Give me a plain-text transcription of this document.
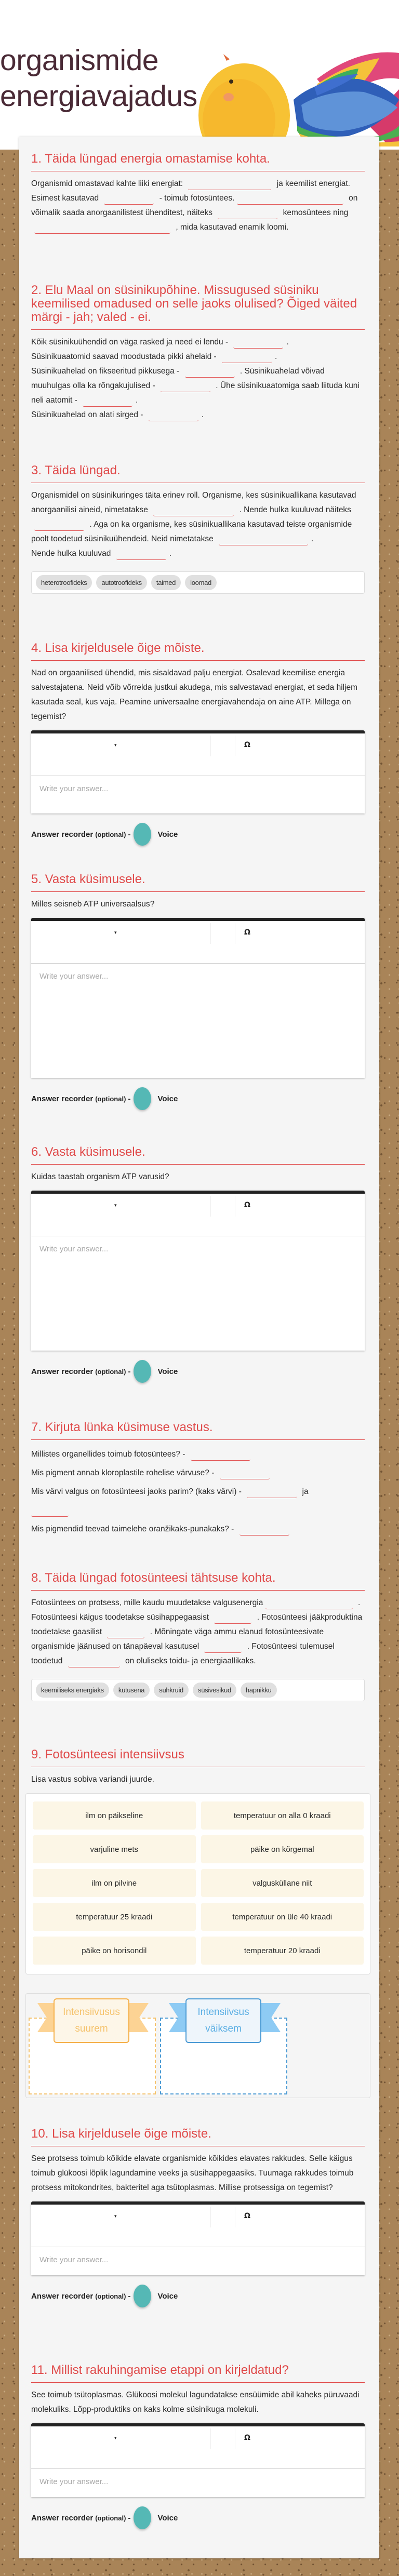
organismide
energiavajadus
1. Täida lüngad energia omastamise kohta.
Organismid omastavad kahte liiki energiat:	ja keemilist energiat. Esimest kasutavad	- toimub fotosüntees.	on võimalik saada anorgaanilistest ühenditest, näiteks	kemosüntees ning  , mida kasutavad enamik loomi.
2. Elu Maal on süsinikupõhine. Missugused süsiniku keemilised omadused on selle jaoks olulised? Õiged väited märgi - jah; valed - ei.
Kõik süsinikuühendid on väga rasked ja need ei lendu -	.
Süsinikuaatomid saavad moodustada pikki ahelaid -	.
Süsinikuahelad on fikseeritud pikkusega -	. Süsinikuahelad võivad muuhulgas olla ka rõngakujulised -	. Ühe süsinikuaatomiga saab liituda kuni neli aatomit -	.
Süsinikuahelad on alati sirged -	.
3. Täida lüngad.
Organismidel on süsinikuringes täita erinev roll. Organisme, kes süsinikuallikana kasutavad anorgaanilisi aineid, nimetatakse	. Nende hulka kuuluvad näiteks  . Aga on ka organisme, kes süsinikuallikana kasutavad teiste organismide poolt toodetud süsinikuühendeid. Neid nimetatakse	.
Nende hulka kuuluvad	.
heterotroofideks	autotroofideks	taimed	loomad
4. Lisa kirjeldusele õige mõiste.
Nad on orgaanilised ühendid, mis sisaldavad palju energiat. Osalevad keemilise energia salvestajatena. Neid võib võrrelda justkui akudega, mis salvestavad energiat, et seda hiljem kasutada seal, kus vaja. Peamine universaalne energiavahendaja on aine ATP. Millega on tegemist?
▾	Ω
Write your answer...
Answer recorder (optional) -	Voice
5. Vasta küsimusele.
Milles seisneb ATP universaalsus?
▾	Ω
Write your answer...
Answer recorder (optional) -	Voice
6. Vasta küsimusele.
Kuidas taastab organism ATP varusid?
▾	Ω
Write your answer...
Answer recorder (optional) -	Voice
7. Kirjuta lünka küsimuse vastus.
Millistes organellides toimub fotosüntees? -
Mis pigment annab kloroplastile rohelise värvuse? -
Mis värvi valgus on fotosünteesi jaoks parim? (kaks värvi) -	ja

Mis pigmendid teevad taimelehe oranžikaks-punakaks? -
8. Täida lüngad fotosünteesi tähtsuse kohta.
Fotosüntees on protsess, mille kaudu muudetakse valgusenergia	. Fotosünteesi käigus toodetakse süsihappegaasist	. Fotosünteesi jääkproduktina toodetakse gaasilist	. Mõningate väga ammu elanud fotosünteesivate organismide jäänused on tänapäeval kasutusel	. Fotosünteesi tulemusel toodetud	on oluliseks toidu- ja energiaallikaks.
keemiliseks energiaks	kütusena	suhkruid	süsivesikud	hapnikku
9. Fotosünteesi intensiivsus
Lisa vastus sobiva variandi juurde.
ilm on päikseline	temperatuur on alla 0 kraadi
varjuline mets	päike on kõrgemal
ilm on pilvine	valgusküllane niit
temperatuur 25 kraadi	temperatuur on üle 40 kraadi
päike on horisondil	temperatuur 20 kraadi
Intensiivusus suurem
Intensiivsus väiksem
10. Lisa kirjeldusele õige mõiste.
See protsess toimub kõikide elavate organismide kõikides elavates rakkudes. Selle käigus toimub glükoosi lõplik lagundamine veeks ja süsihappegaasiks. Tuumaga rakkudes toimub protsess mitokondrites, bakteritel aga tsütoplasmas. Millise protsessiga on tegemist?
▾	Ω
Write your answer...
Answer recorder (optional) -	Voice
11. Millist rakuhingamise etappi on kirjeldatud?
See toimub tsütoplasmas. Glükoosi molekul lagundatakse ensüümide abil kaheks püruvaadi molekuliks. Lõpp-produktiks on kaks kolme süsinikuga molekuli.
▾	Ω
Write your answer...
Answer recorder (optional) -	Voice
